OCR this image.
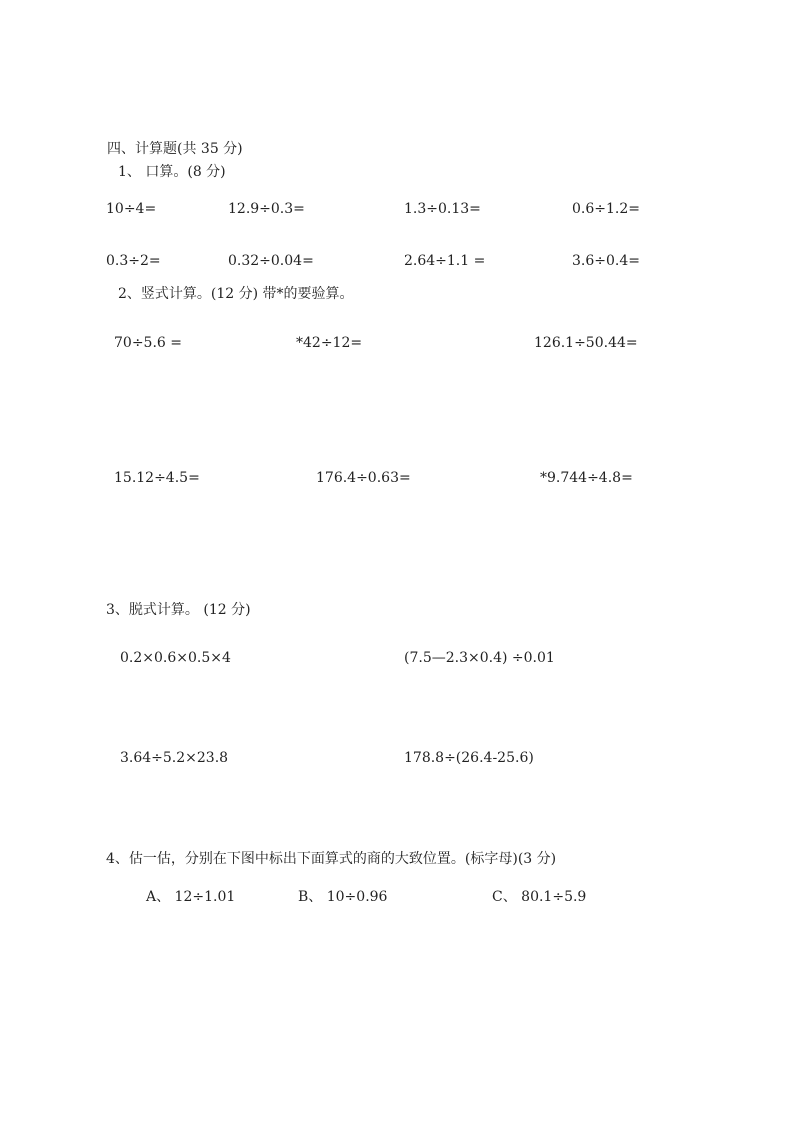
四、计算题(共 35 分)
1、 口算。(8 分)
10÷4=	12.9÷0.3=	1.3÷0.13=	0.6÷1.2=
0.3÷2=	0.32÷0.04=	2.64÷1.1 =	3.6÷0.4=
2、竖式计算。(12 分) 带*的要验算。
70÷5.6 =	*42÷12=	126.1÷50.44=
15.12÷4.5=	176.4÷0.63=	*9.744÷4.8=
3、脱式计算。 (12 分)
0.2×0.6×0.5×4	(7.5—2.3×0.4) ÷0.01
3.64÷5.2×23.8	178.8÷(26.4-25.6)
4、估一估，分别在下图中标出下面算式的商的大致位置。(标字母)(3 分)
A、 12÷1.01	B、 10÷0.96	C、 80.1÷5.9
